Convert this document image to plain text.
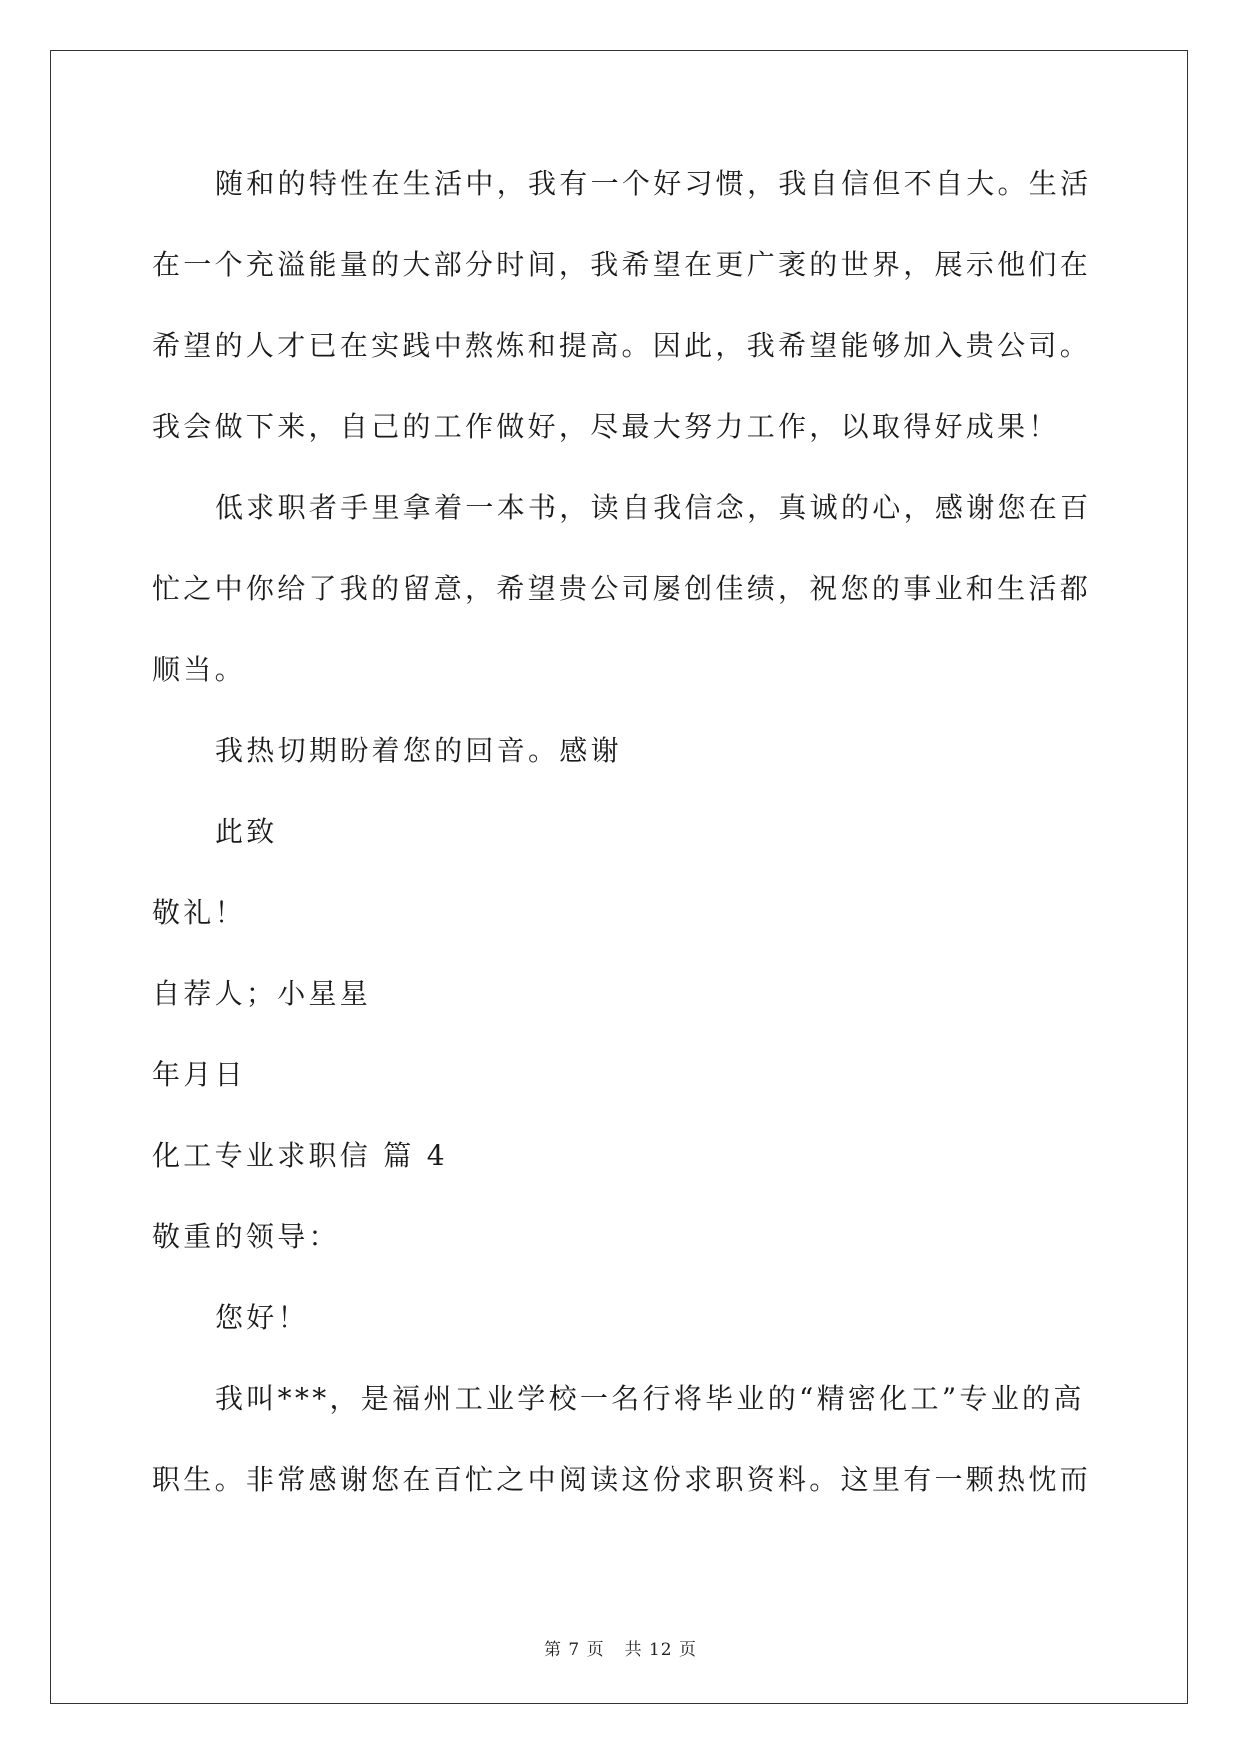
随和的特性在生活中，我有一个好习惯，我自信但不自大。生活
在一个充溢能量的大部分时间，我希望在更广袤的世界，展示他们在
希望的人才已在实践中熬炼和提高。因此，我希望能够加入贵公司。
我会做下来，自己的工作做好，尽最大努力工作，以取得好成果！
低求职者手里拿着一本书，读自我信念，真诚的心，感谢您在百
忙之中你给了我的留意，希望贵公司屡创佳绩，祝您的事业和生活都
顺当。
我热切期盼着您的回音。感谢
此致
敬礼！
自荐人；小星星
年月日
化工专业求职信 篇 4
敬重的领导：
您好！
我叫***，是福州工业学校一名行将毕业的“精密化工”专业的高
职生。非常感谢您在百忙之中阅读这份求职资料。这里有一颗热忱而
第 7 页 共 12 页
